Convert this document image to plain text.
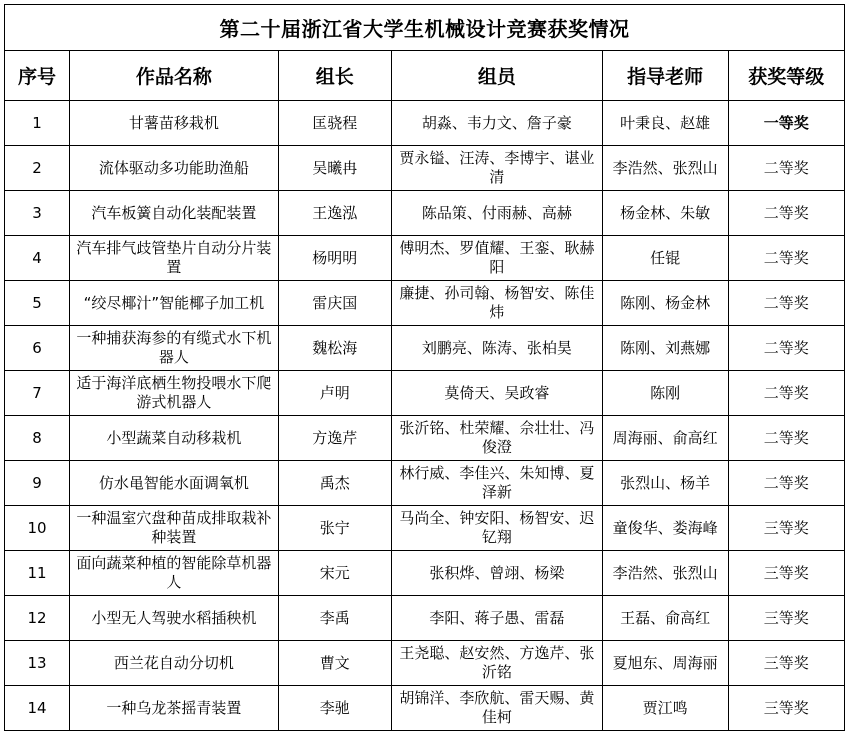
第二十届浙江省大学生机械设计竞赛获奖情况					
序号	作品名称	组长	组员	指导老师	获奖等级
1	甘薯苗移栽机	匡骁程	胡淼、韦力文、詹子豪	叶秉良、赵雄	一等奖
2	流体驱动多功能助渔船	吴曦冉	贾永镒、汪涛、李博宇、谌业清	李浩然、张烈山	二等奖
3	汽车板簧自动化装配装置	王逸泓	陈品策、付雨赫、高赫	杨金林、朱敏	二等奖
4	汽车排气歧管垫片自动分片装置	杨明明	傅明杰、罗值耀、王銮、耿赫阳	任锟	二等奖
5	“绞尽椰汁”智能椰子加工机	雷庆国	廉捷、孙司翰、杨智安、陈佳炜	陈刚、杨金林	二等奖
6	一种捕获海参的有缆式水下机器人	魏松海	刘鹏亮、陈涛、张柏昊	陈刚、刘燕娜	二等奖
7	适于海洋底栖生物投喂水下爬游式机器人	卢明	莫倚天、吴政睿	陈刚	二等奖
8	小型蔬菜自动移栽机	方逸芹	张沂铭、杜荣耀、佘壮壮、冯俊澄	周海丽、俞高红	二等奖
9	仿水黾智能水面调氧机	禹杰	林行威、李佳兴、朱知博、夏泽新	张烈山、杨羊	二等奖
10	一种温室穴盘种苗成排取栽补种装置	张宁	马尚全、钟安阳、杨智安、迟钇翔	童俊华、娄海峰	三等奖
11	面向蔬菜种植的智能除草机器人	宋元	张积烨、曾翊、杨梁	李浩然、张烈山	三等奖
12	小型无人驾驶水稻插秧机	李禹	李阳、蒋子愚、雷磊	王磊、俞高红	三等奖
13	西兰花自动分切机	曹文	王尧聪、赵安然、方逸芹、张沂铭	夏旭东、周海丽	三等奖
14	一种乌龙茶摇青装置	李驰	胡锦洋、李欣航、雷天赐、黄佳柯	贾江鸣	三等奖
